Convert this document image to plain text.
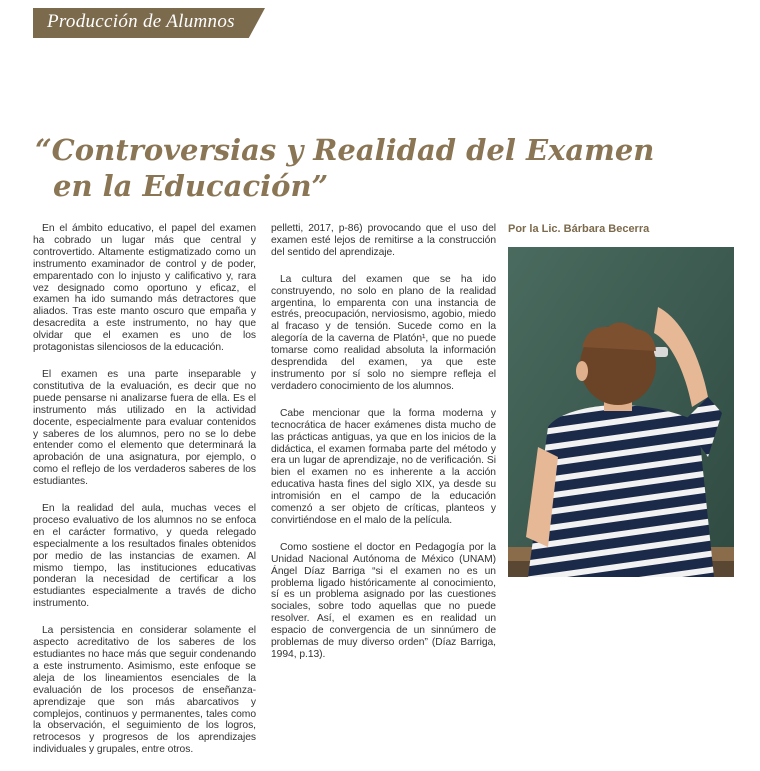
Producción de Alumnos
“Controversias y Realidad del Examen
en la Educación”

En el ámbito educativo, el papel del examen ha cobrado un lugar más que central y controvertido. Altamente estigmatizado como un instrumento examinador de control y de poder, emparentado con lo injusto y calificativo y, rara vez designado como oportuno y eficaz, el examen ha ido sumando más detractores que aliados. Tras este manto oscuro que empaña y desacredita a este instrumento, no hay que olvidar que el examen es uno de los protagonistas silenciosos de la educación.

El examen es una parte inseparable y constitutiva de la evaluación, es decir que no puede pensarse ni analizarse fuera de ella. Es el instrumento más utilizado en la actividad docente, especialmente para evaluar contenidos y saberes de los alumnos, pero no se lo debe entender como el elemento que determinará la aprobación de una asignatura, por ejemplo, o como el reflejo de los verdaderos saberes de los estudiantes.

En la realidad del aula, muchas veces el proceso evaluativo de los alumnos no se enfoca en el carácter formativo, y queda relegado especialmente a los resultados finales obtenidos por medio de las instancias de examen. Al mismo tiempo, las instituciones educativas ponderan la necesidad de certificar a los estudiantes especialmente a través de dicho instrumento.

La persistencia en considerar solamente el aspecto acreditativo de los saberes de los estudiantes no hace más que seguir condenando a este instrumento. Asimismo, este enfoque se aleja de los lineamientos esenciales de la evaluación de los procesos de enseñanza-aprendizaje que son más abarcativos y complejos, continuos y permanentes, tales como la observación, el seguimiento de los logros, retrocesos y progresos de los aprendizajes individuales y grupales, entre otros.

pelletti, 2017, p-86) provocando que el uso del examen esté lejos de remitirse a la construcción del sentido del aprendizaje.

La cultura del examen que se ha ido construyendo, no solo en plano de la realidad argentina, lo emparenta con una instancia de estrés, preocupación, nerviosismo, agobio, miedo al fracaso y de tensión. Sucede como en la alegoría de la caverna de Platón¹, que no puede tomarse como realidad absoluta la información desprendida del examen, ya que este instrumento por sí solo no siempre refleja el verdadero conocimiento de los alumnos.

Cabe mencionar que la forma moderna y tecnocrática de hacer exámenes dista mucho de las prácticas antiguas, ya que en los inicios de la didáctica, el examen formaba parte del método y era un lugar de aprendizaje, no de verificación. Si bien el examen no es inherente a la acción educativa hasta fines del siglo XIX, ya desde su intromisión en el campo de la educación comenzó a ser objeto de críticas, planteos y convirtiéndose en el malo de la película.

Como sostiene el doctor en Pedagogía por la Unidad Nacional Autónoma de México (UNAM) Ángel Díaz Barriga “si el examen no es un problema ligado históricamente al conocimiento, sí es un problema asignado por las cuestiones sociales, sobre todo aquellas que no puede resolver. Así, el examen es en realidad un espacio de convergencia de un sinnúmero de problemas de muy diverso orden” (Díaz Barriga, 1994, p.13).

Por la Lic. Bárbara Becerra
